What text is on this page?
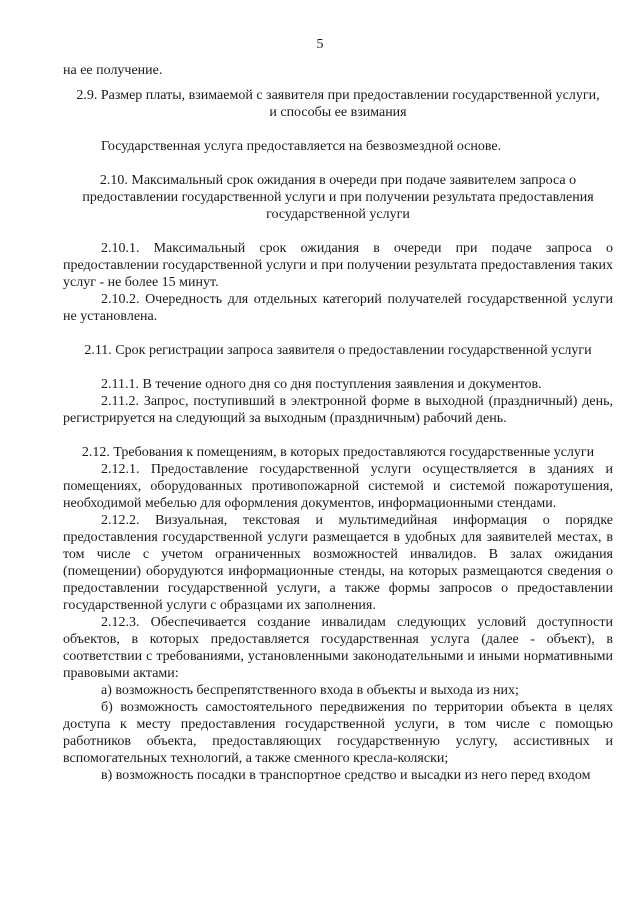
5

на ее получение.

2.9. Размер платы, взимаемой с заявителя при предоставлении государственной услуги, и способы ее взимания

Государственная услуга предоставляется на безвозмездной основе.

2.10. Максимальный срок ожидания в очереди при подаче заявителем запроса о предоставлении государственной услуги и при получении результата предоставления государственной услуги

2.10.1. Максимальный срок ожидания в очереди при подаче запроса о предоставлении государственной услуги и при получении результата предоставления таких услуг - не более 15 минут.

2.10.2. Очередность для отдельных категорий получателей государственной услуги не установлена.

2.11. Срок регистрации запроса заявителя о предоставлении государственной услуги

2.11.1. В течение одного дня со дня поступления заявления и документов.

2.11.2. Запрос, поступивший в электронной форме в выходной (праздничный) день, регистрируется на следующий за выходным (праздничным) рабочий день.

2.12. Требования к помещениям, в которых предоставляются государственные услуги

2.12.1. Предоставление государственной услуги осуществляется в зданиях и помещениях, оборудованных противопожарной системой и системой пожаротушения, необходимой мебелью для оформления документов, информационными стендами.

2.12.2. Визуальная, текстовая и мультимедийная информация о порядке предоставления государственной услуги размещается в удобных для заявителей местах, в том числе с учетом ограниченных возможностей инвалидов. В залах ожидания (помещении) оборудуются информационные стенды, на которых размещаются сведения о предоставлении государственной услуги, а также формы запросов о предоставлении государственной услуги с образцами их заполнения.

2.12.3. Обеспечивается создание инвалидам следующих условий доступности объектов, в которых предоставляется государственная услуга (далее - объект), в соответствии с требованиями, установленными законодательными и иными нормативными правовыми актами:

а) возможность беспрепятственного входа в объекты и выхода из них;

б) возможность самостоятельного передвижения по территории объекта в целях доступа к месту предоставления государственной услуги, в том числе с помощью работников объекта, предоставляющих государственную услугу, ассистивных и вспомогательных технологий, а также сменного кресла-коляски;

в) возможность посадки в транспортное средство и высадки из него перед входом
